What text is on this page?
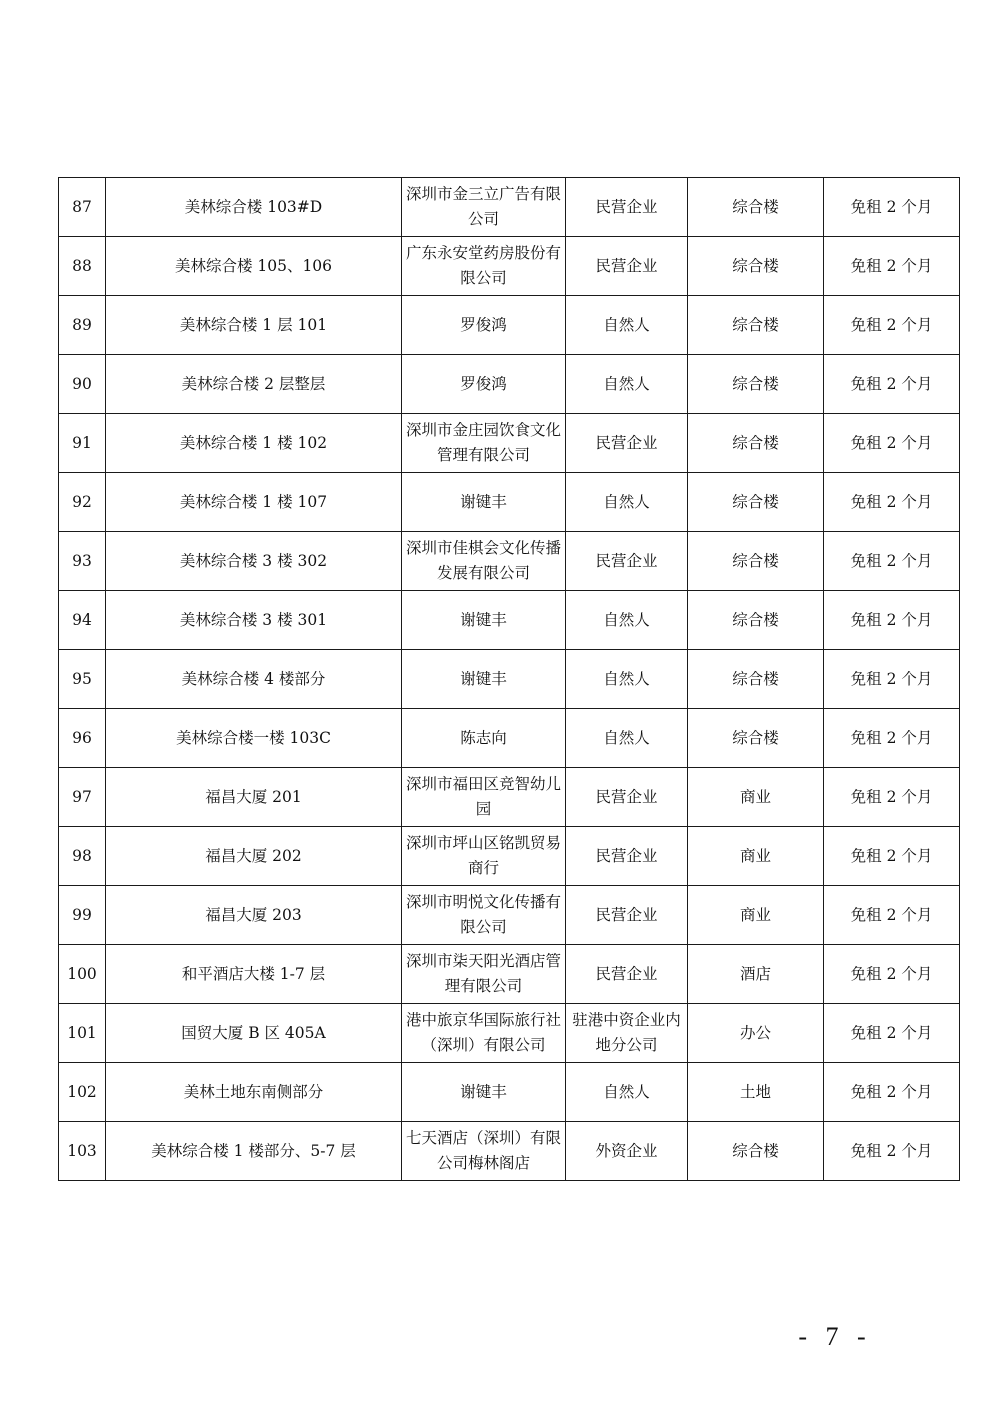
87	美林综合楼 103#D	深圳市金三立广告有限公司	民营企业	综合楼	免租 2 个月
88	美林综合楼 105、106	广东永安堂药房股份有限公司	民营企业	综合楼	免租 2 个月
89	美林综合楼 1 层 101	罗俊鸿	自然人	综合楼	免租 2 个月
90	美林综合楼 2 层整层	罗俊鸿	自然人	综合楼	免租 2 个月
91	美林综合楼 1 楼 102	深圳市金庄园饮食文化管理有限公司	民营企业	综合楼	免租 2 个月
92	美林综合楼 1 楼 107	谢键丰	自然人	综合楼	免租 2 个月
93	美林综合楼 3 楼 302	深圳市佳棋会文化传播发展有限公司	民营企业	综合楼	免租 2 个月
94	美林综合楼 3 楼 301	谢键丰	自然人	综合楼	免租 2 个月
95	美林综合楼 4 楼部分	谢键丰	自然人	综合楼	免租 2 个月
96	美林综合楼一楼 103C	陈志向	自然人	综合楼	免租 2 个月
97	福昌大厦 201	深圳市福田区竞智幼儿园	民营企业	商业	免租 2 个月
98	福昌大厦 202	深圳市坪山区铭凯贸易商行	民营企业	商业	免租 2 个月
99	福昌大厦 203	深圳市明悦文化传播有限公司	民营企业	商业	免租 2 个月
100	和平酒店大楼 1-7 层	深圳市柒天阳光酒店管理有限公司	民营企业	酒店	免租 2 个月
101	国贸大厦 B 区 405A	港中旅京华国际旅行社（深圳）有限公司	驻港中资企业内地分公司	办公	免租 2 个月
102	美林土地东南侧部分	谢键丰	自然人	土地	免租 2 个月
103	美林综合楼 1 楼部分、5-7 层	七天酒店（深圳）有限公司梅林阁店	外资企业	综合楼	免租 2 个月
- 7 -
